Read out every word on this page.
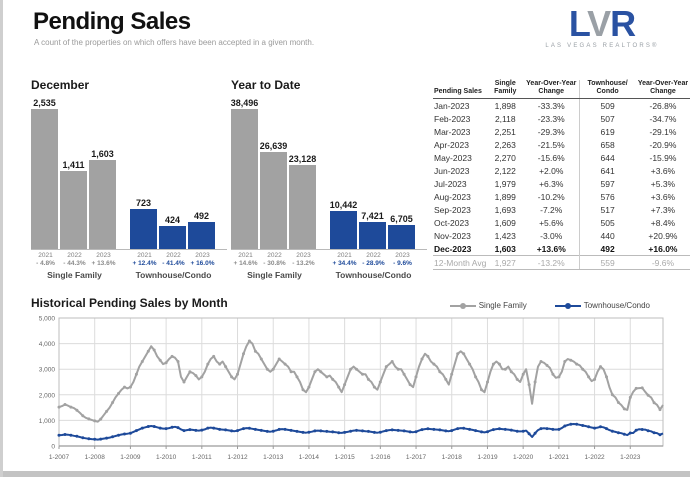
Pending Sales
A count of the properties on which offers have been accepted in a given month.	LVR
LAS VEGAS REALTORS®
December
2,535
1,411
1,603
723
424 492
2021	2022	2023	2021	2022	2023
- 4.8%	- 44.3% + 13.6%	+ 12.4% - 41.4% + 16.0%
Single Family	Townhouse/Condo
Year to Date
38,496
26,639
23,128
10,442
7,421 6,705
2021	2022	2023	2021	2022	2023
+ 14.6% - 30.8%	- 13.2%	+ 34.4% - 28.9%	- 9.6%
Single Family	Townhouse/Condo
Pending Sales	Single Family	Year-Over-Year Change	Townhouse/ Condo	Year-Over-Year Change
Jan-2023	1,898	-33.3%	509	-26.8%
Feb-2023	2,118	-23.3%	507	-34.7%
Mar-2023	2,251	-29.3%	619	-29.1%
Apr-2023	2,263	-21.5%	658	-20.9%
May-2023	2,270	-15.6%	644	-15.9%
Jun-2023	2,122	+2.0%	641	+3.6%
Jul-2023	1,979	+6.3%	597	+5.3%
Aug-2023	1,899	-10.2%	576	+3.6%
Sep-2023	1,693	-7.2%	517	+7.3%
Oct-2023	1,609	+5.6%	505	+8.4%
Nov-2023	1,423	-3.0%	440	+20.9%
Dec-2023	1,603	+13.6%	492	+16.0%
12-Month Avg	1,927	-13.2%	559	-9.6%
Historical Pending Sales by Month	Single Family	Townhouse/Condo
0
1,000
2,000
3,000
4,000
5,000
1-2007 1-2008 1-2009 1-2010 1-2011 1-2012 1-2013 1-2014 1-2015 1-2016 1-2017 1-2018 1-2019 1-2020 1-2021 1-2022 1-2023
